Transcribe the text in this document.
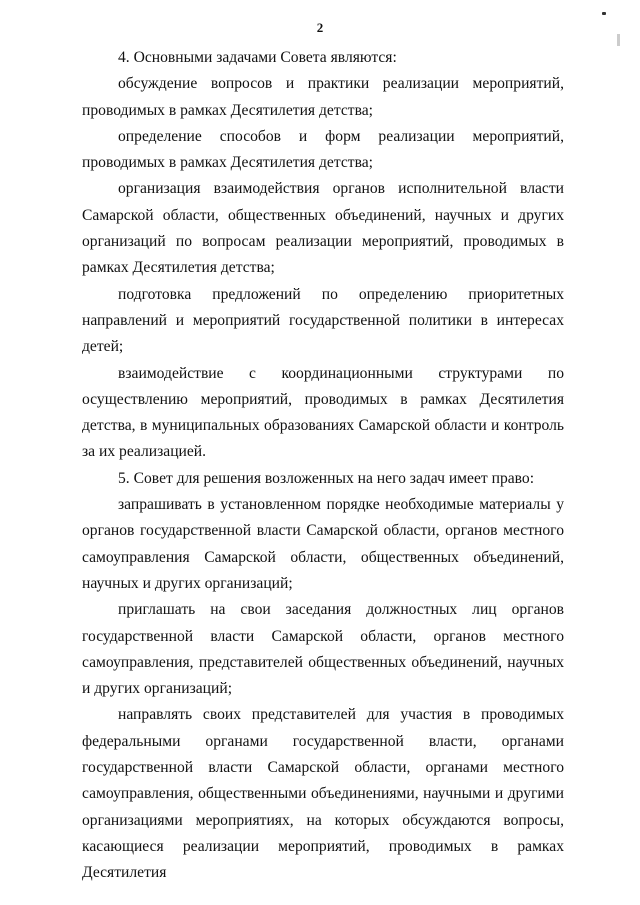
2

4. Основными задачами Совета являются:

обсуждение вопросов и практики реализации мероприятий, проводимых в рамках Десятилетия детства;

определение способов и форм реализации мероприятий, проводимых в рамках Десятилетия детства;

организация взаимодействия органов исполнительной власти Самарской области, общественных объединений, научных и других организаций по вопросам реализации мероприятий, проводимых в рамках Десятилетия детства;

подготовка предложений по определению приоритетных направлений и мероприятий государственной политики в интересах детей;

взаимодействие с координационными структурами по осуществлению мероприятий, проводимых в рамках Десятилетия детства, в муниципальных образованиях Самарской области и контроль за их реализацией.

5. Совет для решения возложенных на него задач имеет право:

запрашивать в установленном порядке необходимые материалы у органов государственной власти Самарской области, органов местного самоуправления Самарской области, общественных объединений, научных и других организаций;

приглашать на свои заседания должностных лиц органов государственной власти Самарской области, органов местного самоуправления, представителей общественных объединений, научных и других организаций;

направлять своих представителей для участия в проводимых федеральными органами государственной власти, органами государственной власти Самарской области, органами местного самоуправления, общественными объединениями, научными и другими организациями мероприятиях, на которых обсуждаются вопросы, касающиеся реализации мероприятий, проводимых в рамках Десятилетия
